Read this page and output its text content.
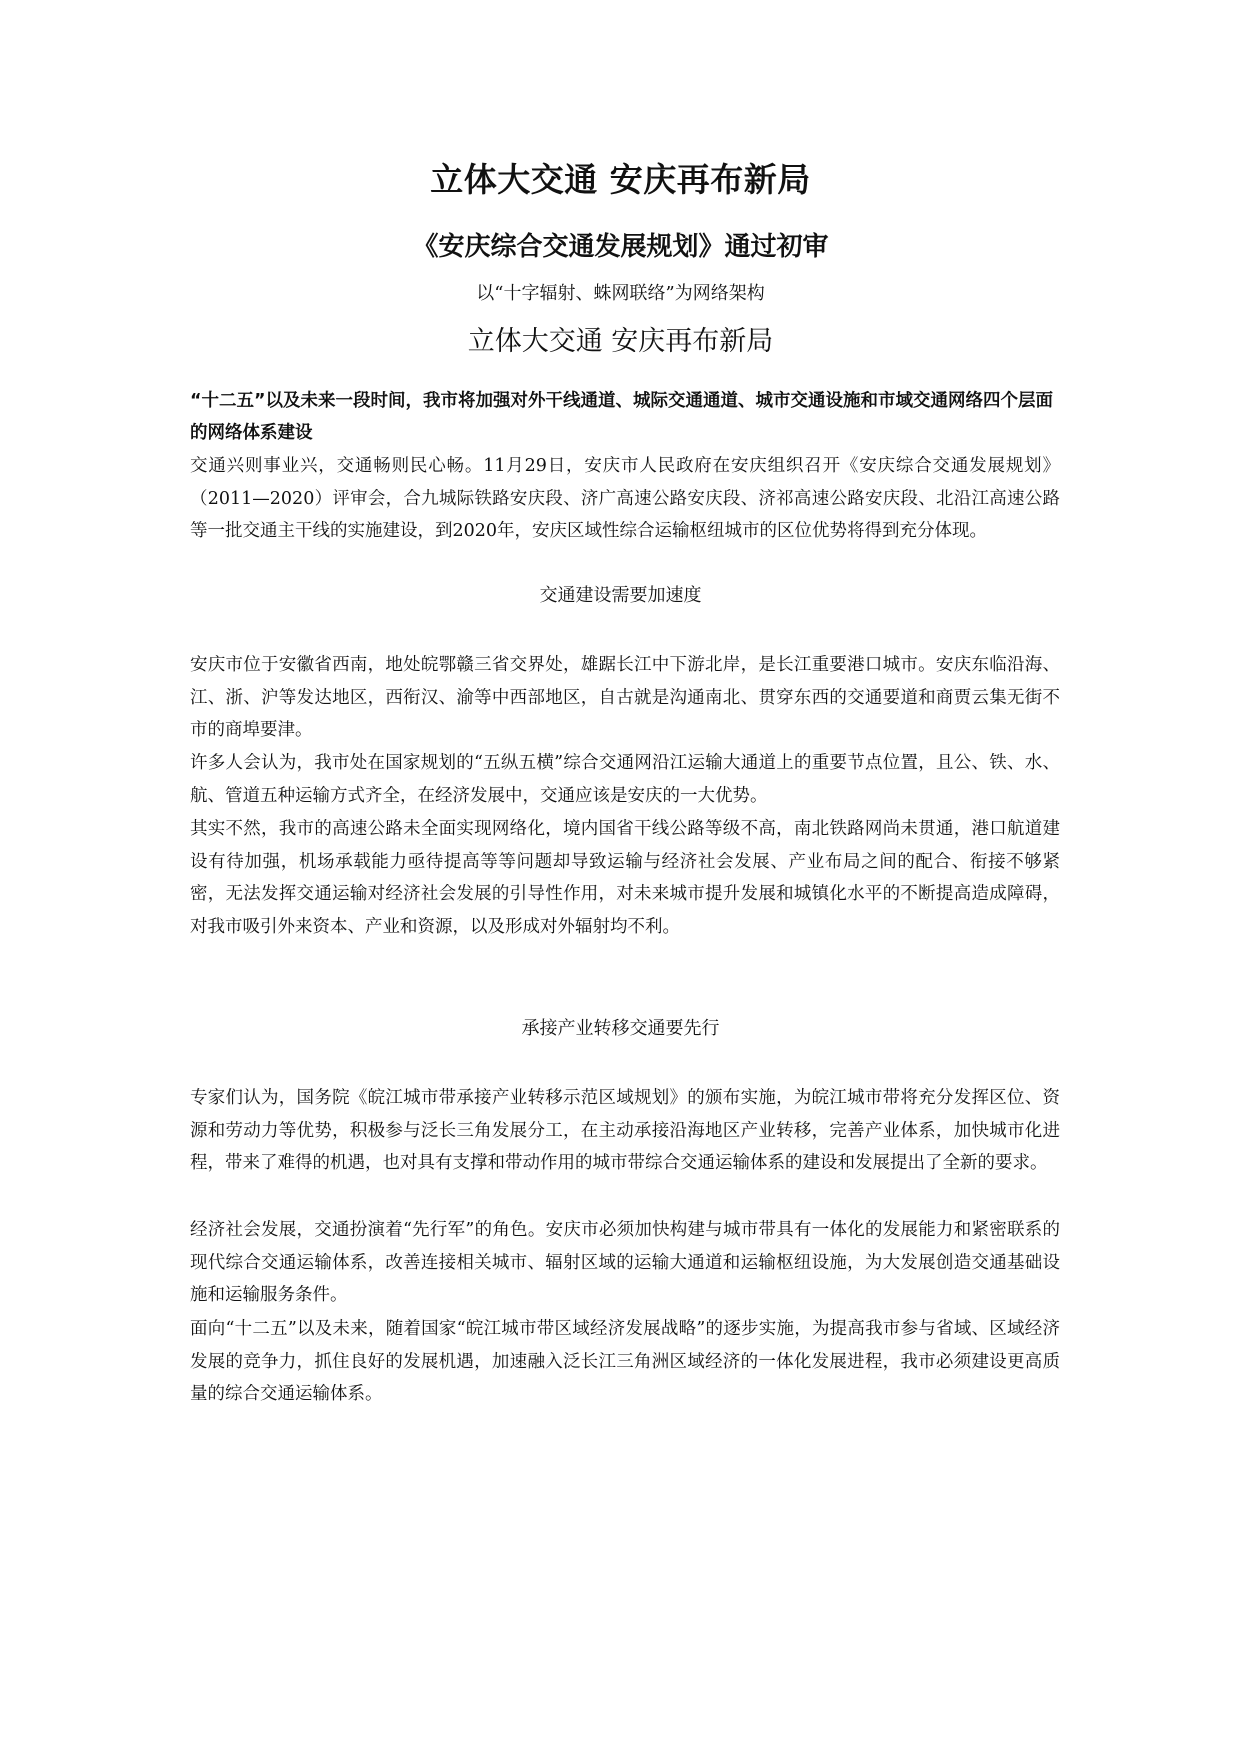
立体大交通 安庆再布新局
《安庆综合交通发展规划》通过初审

以“十字辐射、蛛网联络”为网络架构

立体大交通 安庆再布新局

“十二五”以及未来一段时间，我市将加强对外干线通道、城际交通通道、城市交通设施和市域交通网络四个层面的网络体系建设

交通兴则事业兴，交通畅则民心畅。11月29日，安庆市人民政府在安庆组织召开《安庆综合交通发展规划》（2011—2020）评审会，合九城际铁路安庆段、济广高速公路安庆段、济祁高速公路安庆段、北沿江高速公路等一批交通主干线的实施建设，到2020年，安庆区域性综合运输枢纽城市的区位优势将得到充分体现。

交通建设需要加速度

安庆市位于安徽省西南，地处皖鄂赣三省交界处，雄踞长江中下游北岸，是长江重要港口城市。安庆东临沿海、江、浙、沪等发达地区，西衔汉、渝等中西部地区，自古就是沟通南北、贯穿东西的交通要道和商贾云集无街不市的商埠要津。

许多人会认为，我市处在国家规划的“五纵五横”综合交通网沿江运输大通道上的重要节点位置，且公、铁、水、航、管道五种运输方式齐全，在经济发展中，交通应该是安庆的一大优势。

其实不然，我市的高速公路未全面实现网络化，境内国省干线公路等级不高，南北铁路网尚未贯通，港口航道建设有待加强，机场承载能力亟待提高等等问题却导致运输与经济社会发展、产业布局之间的配合、衔接不够紧密，无法发挥交通运输对经济社会发展的引导性作用，对未来城市提升发展和城镇化水平的不断提高造成障碍，对我市吸引外来资本、产业和资源，以及形成对外辐射均不利。

承接产业转移交通要先行

专家们认为，国务院《皖江城市带承接产业转移示范区域规划》的颁布实施，为皖江城市带将充分发挥区位、资源和劳动力等优势，积极参与泛长三角发展分工，在主动承接沿海地区产业转移，完善产业体系，加快城市化进程，带来了难得的机遇，也对具有支撑和带动作用的城市带综合交通运输体系的建设和发展提出了全新的要求。

经济社会发展，交通扮演着“先行军”的角色。安庆市必须加快构建与城市带具有一体化的发展能力和紧密联系的现代综合交通运输体系，改善连接相关城市、辐射区域的运输大通道和运输枢纽设施，为大发展创造交通基础设施和运输服务条件。

面向“十二五”以及未来，随着国家“皖江城市带区域经济发展战略”的逐步实施，为提高我市参与省域、区域经济发展的竞争力，抓住良好的发展机遇，加速融入泛长江三角洲区域经济的一体化发展进程，我市必须建设更高质量的综合交通运输体系。
